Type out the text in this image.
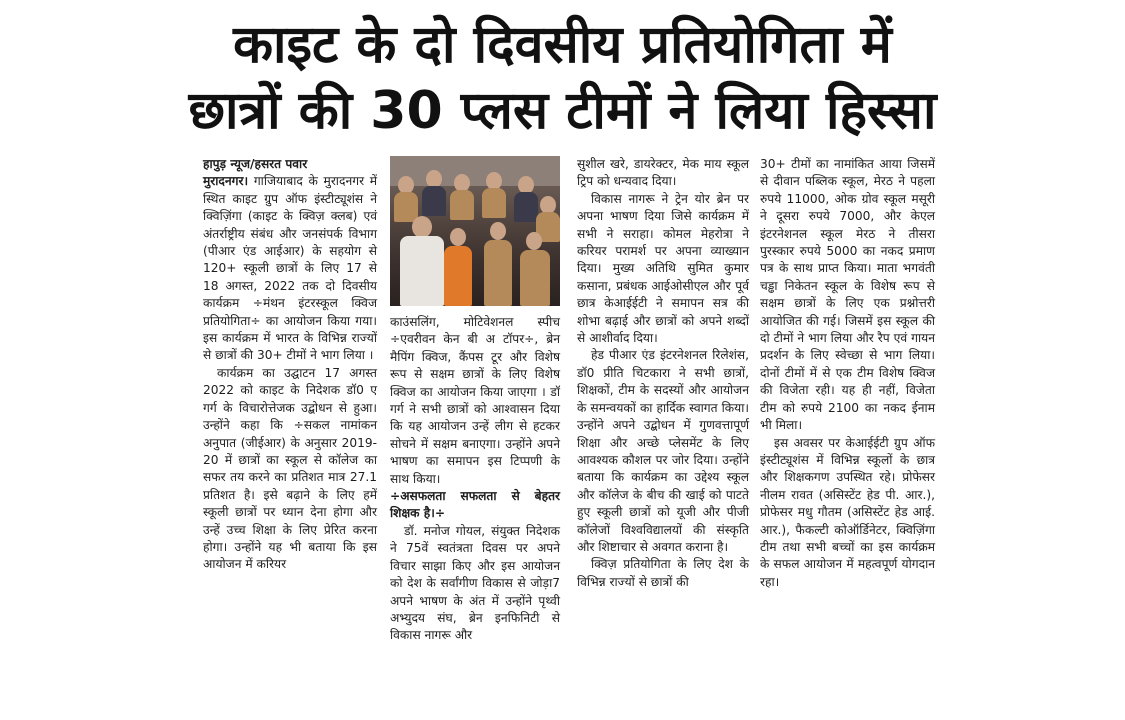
काइट के दो दिवसीय प्रतियोगिता में
छात्रों की 30 प्लस टीमों ने लिया हिस्सा

हापुड़ न्यूज/हसरत पवार

मुरादनगर। गाजियाबाद के मुरादनगर में स्थित काइट ग्रुप ऑफ इंस्टीट्यूशंस ने क्विज़िंगा (काइट के क्विज़ क्लब) एवं अंतर्राष्ट्रीय संबंध और जनसंपर्क विभाग (पीआर एंड आईआर) के सहयोग से 120+ स्कूली छात्रों के लिए 17 से 18 अगस्त, 2022 तक दो दिवसीय कार्यक्रम ÷मंथन इंटरस्कूल क्विज प्रतियोगिता÷ का आयोजन किया गया। इस कार्यक्रम में भारत के विभिन्न राज्यों से छात्रों की 30+ टीमों ने भाग लिया ।

कार्यक्रम का उद्घाटन 17 अगस्त 2022 को काइट के निदेशक डॉ0 ए गर्ग के विचारोत्तेजक उद्बोधन से हुआ। उन्होंने कहा कि ÷सकल नामांकन अनुपात (जीईआर) के अनुसार 2019-20 में छात्रों का स्कूल से कॉलेज का सफर तय करने का प्रतिशत मात्र 27.1 प्रतिशत है। इसे बढ़ाने के लिए हमें स्कूली छात्रों पर ध्यान देना होगा और उन्हें उच्च शिक्षा के लिए प्रेरित करना होगा। उन्होंने यह भी बताया कि इस आयोजन में करियर

काउंसलिंग, मोटिवेशनल स्पीच ÷एवरीवन केन बी अ टॉपर÷, ब्रेन मैपिंग क्विज, कैंपस टूर और विशेष रूप से सक्षम छात्रों के लिए विशेष क्विज का आयोजन किया जाएगा । डॉ गर्ग ने सभी छात्रों को आश्वासन दिया कि यह आयोजन उन्हें लीग से हटकर सोचने में सक्षम बनाएगा। उन्होंने अपने भाषण का समापन इस टिप्पणी के साथ किया।

÷असफलता सफलता से बेहतर शिक्षक है।÷

डॉ. मनोज गोयल, संयुक्त निदेशक ने 75वें स्वतंत्रता दिवस पर अपने विचार साझा किए और इस आयोजन को देश के सर्वांगीण विकास से जोड़ा7 अपने भाषण के अंत में उन्होंने पृथ्वी अभ्युदय संघ, ब्रेन इनफिनिटी से विकास नागरू और

सुशील खरे, डायरेक्टर, मेक माय स्कूल ट्रिप को धन्यवाद दिया।

विकास नागरू ने ट्रेन योर ब्रेन पर अपना भाषण दिया जिसे कार्यक्रम में सभी ने सराहा। कोमल मेहरोत्रा ने करियर परामर्श पर अपना व्याख्यान दिया। मुख्य अतिथि सुमित कुमार कसाना, प्रबंधक आईओसीएल और पूर्व छात्र केआईईटी ने समापन सत्र की शोभा बढ़ाई और छात्रों को अपने शब्दों से आशीर्वाद दिया।

हेड पीआर एंड इंटरनेशनल रिलेशंस, डॉ0 प्रीति चिटकारा ने सभी छात्रों, शिक्षकों, टीम के सदस्यों और आयोजन के समन्वयकों का हार्दिक स्वागत किया। उन्होंने अपने उद्बोधन में गुणवत्तापूर्ण शिक्षा और अच्छे प्लेसमेंट के लिए आवश्यक कौशल पर जोर दिया। उन्होंने बताया कि कार्यक्रम का उद्देश्य स्कूल और कॉलेज के बीच की खाई को पाटते हुए स्कूली छात्रों को यूजी और पीजी कॉलेजों विश्वविद्यालयों की संस्कृति और शिष्टाचार से अवगत कराना है।

क्विज़ प्रतियोगिता के लिए देश के विभिन्न राज्यों से छात्रों की

30+ टीमों का नामांकित आया जिसमें से दीवान पब्लिक स्कूल, मेरठ ने पहला रुपये 11000, ओक ग्रोव स्कूल मसूरी ने दूसरा रुपये 7000, और केएल इंटरनेशनल स्कूल मेरठ ने तीसरा पुरस्कार रुपये 5000 का नकद प्रमाण पत्र के साथ प्राप्त किया। माता भगवंती चड्ढा निकेतन स्कूल के विशेष रूप से सक्षम छात्रों के लिए एक प्रश्नोत्तरी आयोजित की गई। जिसमें इस स्कूल की दो टीमों ने भाग लिया और रैप एवं गायन प्रदर्शन के लिए स्वेच्छा से भाग लिया। दोनों टीमों में से एक टीम विशेष क्विज की विजेता रही। यह ही नहीं, विजेता टीम को रुपये 2100 का नकद ईनाम भी मिला।

इस अवसर पर केआईईटी ग्रुप ऑफ इंस्टीट्यूशंस में विभिन्न स्कूलों के छात्र और शिक्षकगण उपस्थित रहे। प्रोफेसर नीलम रावत (असिस्टेंट हेड पी. आर.), प्रोफेसर मधु गौतम (असिस्टेंट हेड आई. आर.), फैकल्टी कोऑर्डिनेटर, क्विज़िंगा टीम तथा सभी बच्चों का इस कार्यक्रम के सफल आयोजन में महत्वपूर्ण योगदान रहा।
